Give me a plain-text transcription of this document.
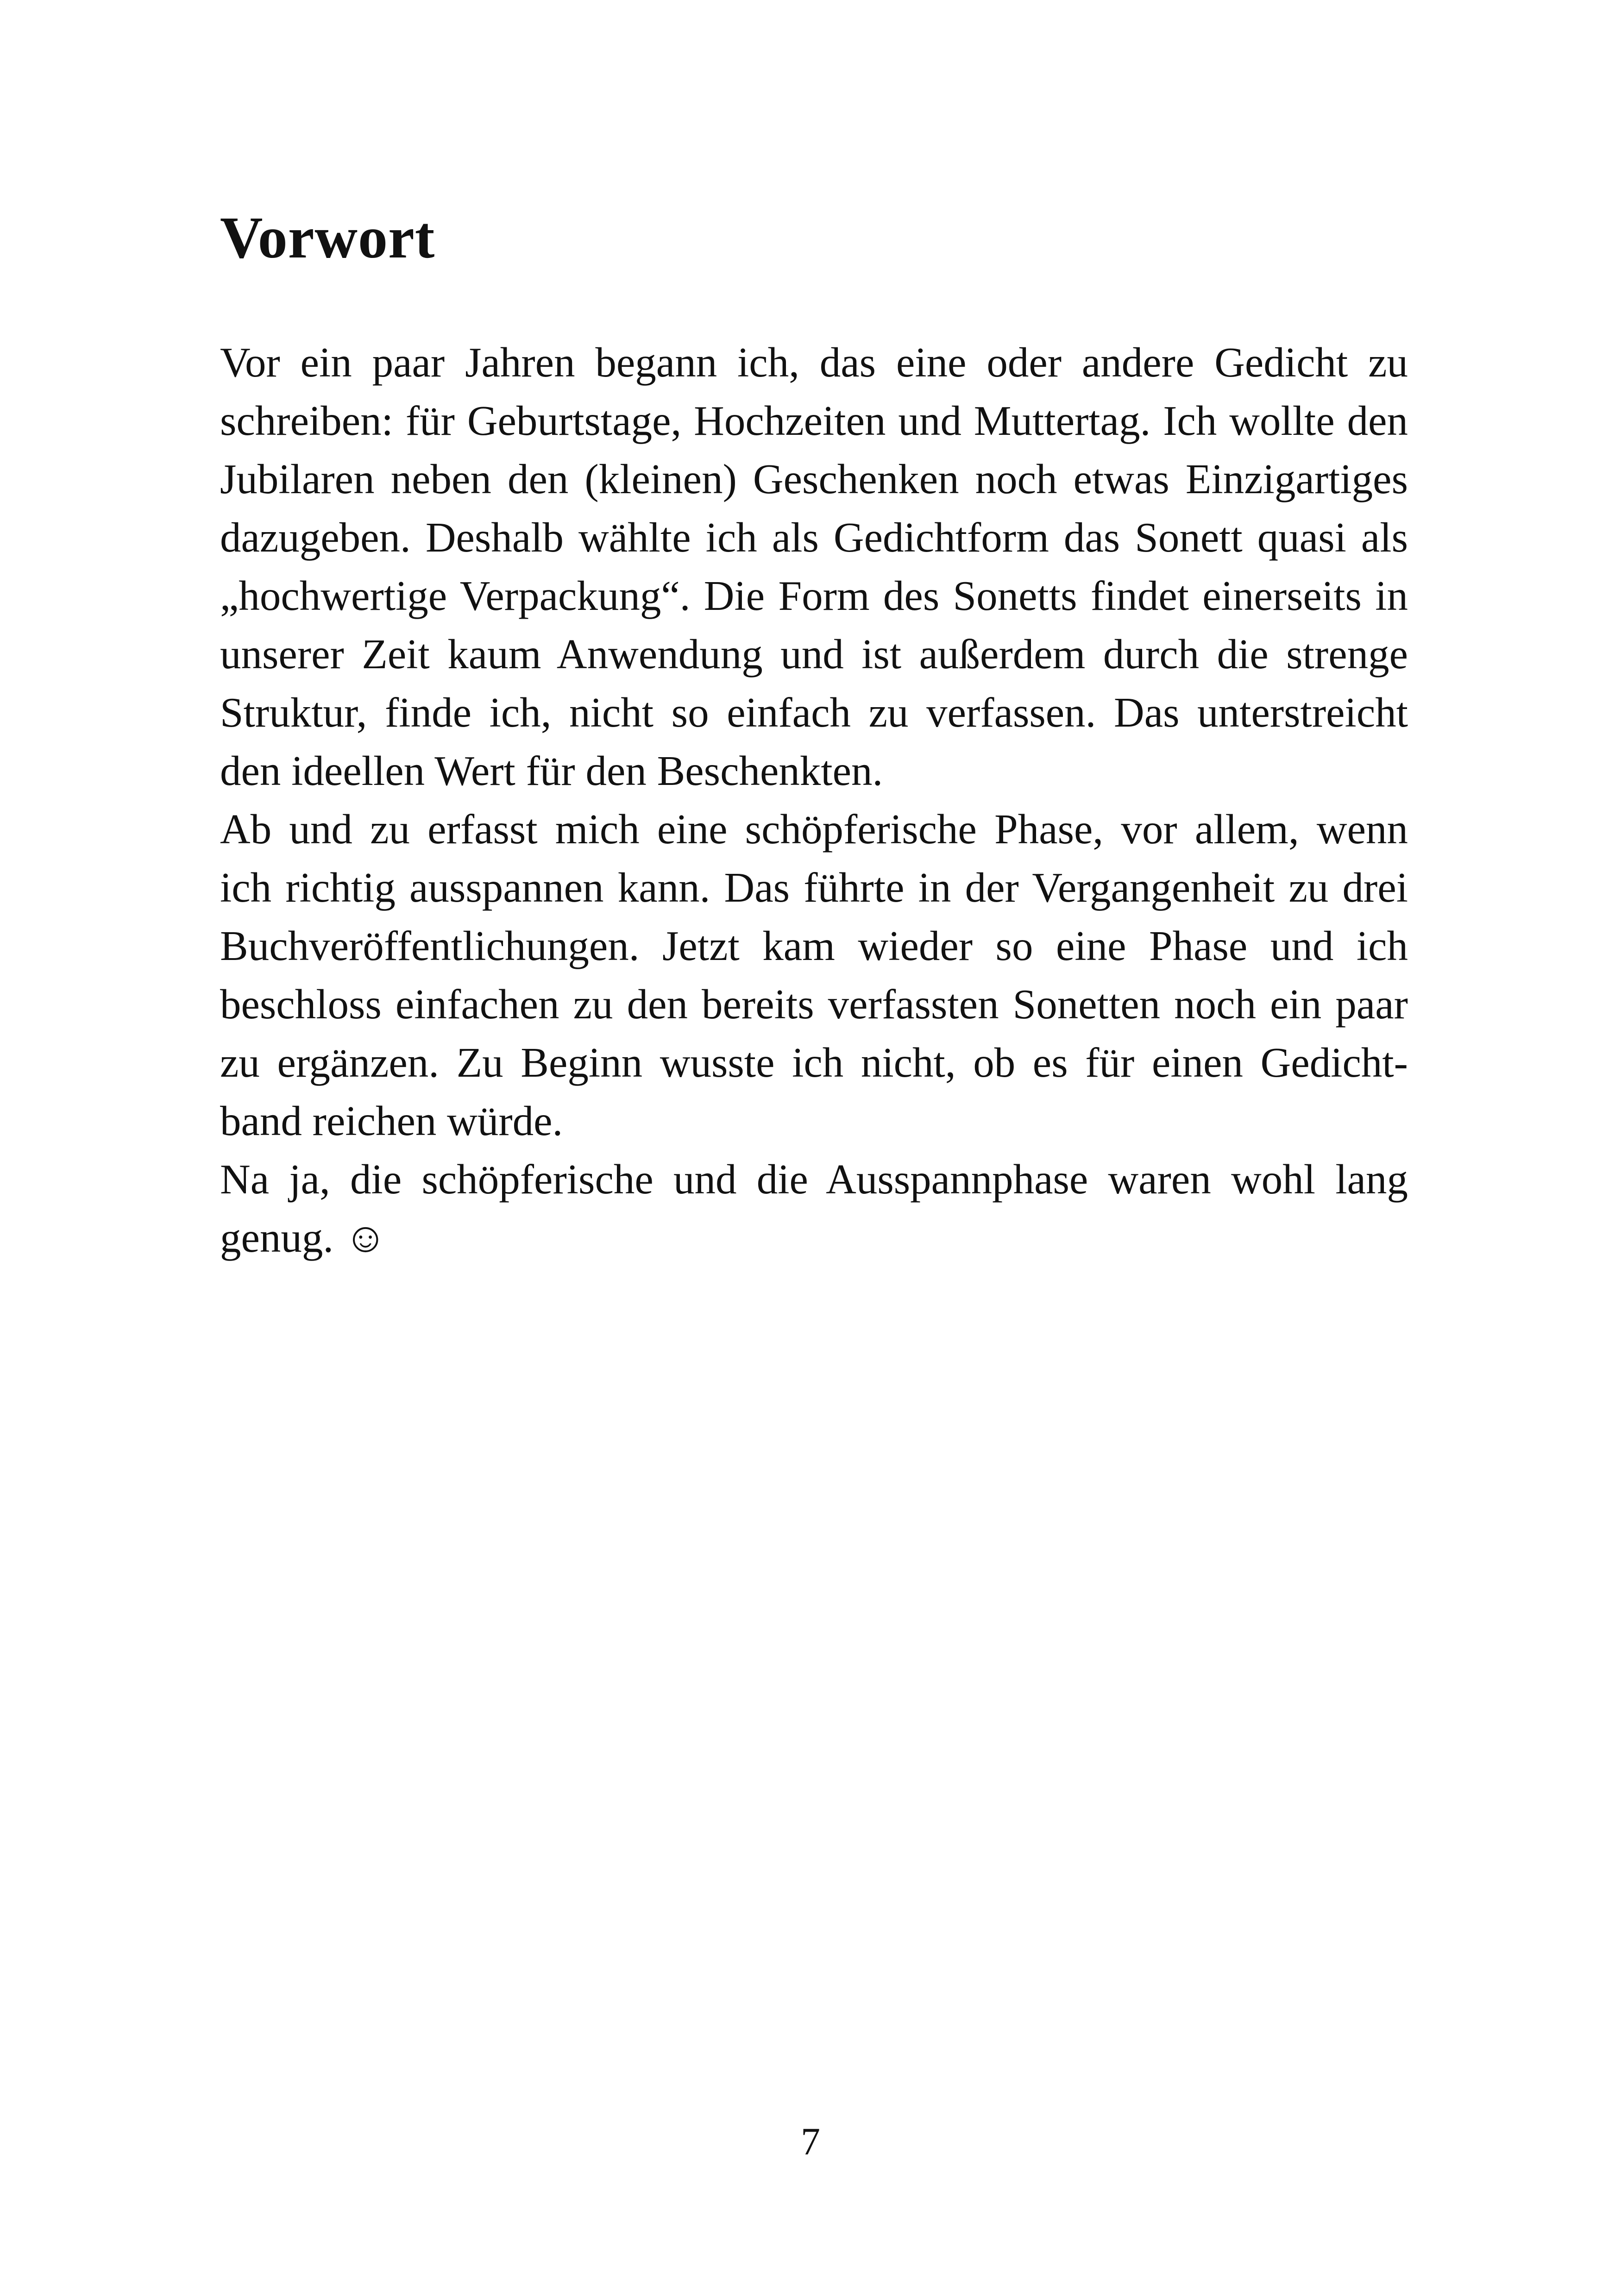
Vorwort
Vor ein paar Jahren begann ich, das eine oder andere Gedicht zu
schreiben: für Geburtstage, Hochzeiten und Muttertag. Ich wollte den
Jubilaren neben den (kleinen) Geschenken noch etwas Einzigartiges
dazugeben. Deshalb wählte ich als Gedichtform das Sonett quasi als
„hochwertige Verpackung“. Die Form des Sonetts findet einerseits in
unserer Zeit kaum Anwendung und ist außerdem durch die strenge
Struktur, finde ich, nicht so einfach zu verfassen. Das unterstreicht
den ideellen Wert für den Beschenkten.
Ab und zu erfasst mich eine schöpferische Phase, vor allem, wenn
ich richtig ausspannen kann. Das führte in der Vergangenheit zu drei
Buchveröffentlichungen. Jetzt kam wieder so eine Phase und ich
beschloss einfachen zu den bereits verfassten Sonetten noch ein paar
zu ergänzen. Zu Beginn wusste ich nicht, ob es für einen Gedicht-
band reichen würde.
Na ja, die schöpferische und die Ausspannphase waren wohl lang
genug. ☺
7
